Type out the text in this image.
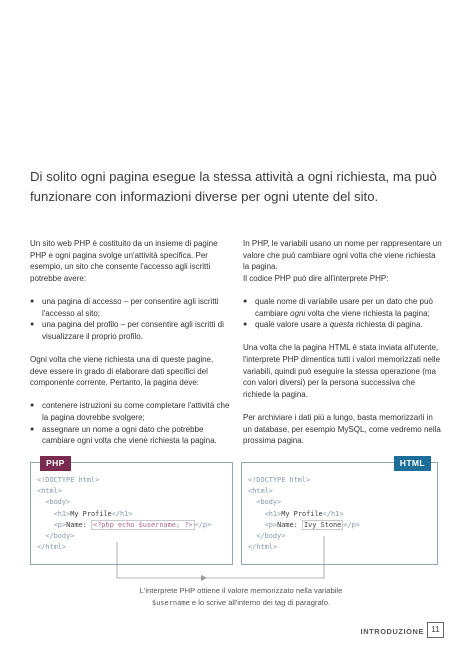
Di solito ogni pagina esegue la stessa attività a ogni richiesta, ma può funzionare con informazioni diverse per ogni utente del sito.

Un sito web PHP è costituito da un insieme di pagine PHP e ogni pagina svolge un'attività specifica. Per esempio, un sito che consente l'accesso agli iscritti potrebbe avere:

● una pagina di accesso – per consentire agli iscritti l'accesso al sito;
● una pagina del profilo – per consentire agli iscritti di visualizzare il proprio profilo.

Ogni volta che viene richiesta una di queste pagine, deve essere in grado di elaborare dati specifici del componente corrente. Pertanto, la pagina deve:

● contenere istruzioni su come completare l'attività che la pagina dovrebbe svolgere;
● assegnare un nome a ogni dato che potrebbe cambiare ogni volta che viene richiesta la pagina.

In PHP, le variabili usano un nome per rappresentare un valore che può cambiare ogni volta che viene richiesta la pagina.
Il codice PHP può dire all'interprete PHP:

● quale nome di variabile usare per un dato che può cambiare ogni volta che viene richiesta la pagina;
● quale valore usare a questa richiesta di pagina.

Una volta che la pagina HTML è stata inviata all'utente, l'interprete PHP dimentica tutti i valori memorizzati nelle variabili, quindi può eseguire la stessa operazione (ma con valori diversi) per la persona successiva che richiede la pagina.

Per archiviare i dati più a lungo, basta memorizzarli in un database, per esempio MySQL, come vedremo nella prossima pagina.

PHP
<!DOCTYPE html>
<html>
<body>
<h1>My Profile</h1>
<p>Name: <?php echo $username; ?> </p>
</body>
</html>
HTML
<!DOCTYPE html>
<html>
<body>
<h1>My Profile</h1>
<p>Name: Ivy Stone </p>
</body>
</html>
L'interprete PHP ottiene il valore memorizzato nella variabile
$username e lo scrive all'interno dei tag di paragrafo.
INTRODUZIONE 11
